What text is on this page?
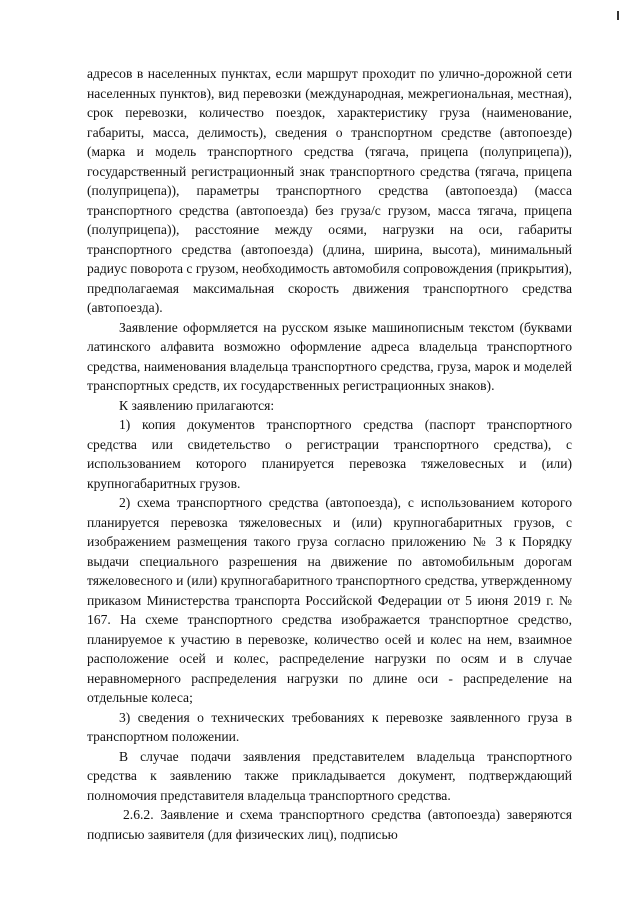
адресов в населенных пунктах, если маршрут проходит по улично-дорожной сети населенных пунктов), вид перевозки (международная, межрегиональная, местная), срок перевозки, количество поездок, характеристику груза (наименование, габариты, масса, делимость), сведения о транспортном средстве (автопоезде) (марка и модель транспортного средства (тягача, прицепа (полуприцепа)), государственный регистрационный знак транспортного средства (тягача, прицепа (полуприцепа)), параметры транспортного средства (автопоезда) (масса транспортного средства (автопоезда) без груза/с грузом, масса тягача, прицепа (полуприцепа)), расстояние между осями, нагрузки на оси, габариты транспортного средства (автопоезда) (длина, ширина, высота), минимальный радиус поворота с грузом, необходимость автомобиля сопровождения (прикрытия), предполагаемая максимальная скорость движения транспортного средства (автопоезда).

Заявление оформляется на русском языке машинописным текстом (буквами латинского алфавита возможно оформление адреса владельца транспортного средства, наименования владельца транспортного средства, груза, марок и моделей транспортных средств, их государственных регистрационных знаков).

К заявлению прилагаются:

1) копия документов транспортного средства (паспорт транспортного средства или свидетельство о регистрации транспортного средства), с использованием которого планируется перевозка тяжеловесных и (или) крупногабаритных грузов.

2) схема транспортного средства (автопоезда), с использованием которого планируется перевозка тяжеловесных и (или) крупногабаритных грузов, с изображением размещения такого груза согласно приложению № 3 к Порядку выдачи специального разрешения на движение по автомобильным дорогам тяжеловесного и (или) крупногабаритного транспортного средства, утвержденному приказом Министерства транспорта Российской Федерации от 5 июня 2019 г. № 167. На схеме транспортного средства изображается транспортное средство, планируемое к участию в перевозке, количество осей и колес на нем, взаимное расположение осей и колес, распределение нагрузки по осям и в случае неравномерного распределения нагрузки по длине оси - распределение на отдельные колеса;

3) сведения о технических требованиях к перевозке заявленного груза в транспортном положении.

В случае подачи заявления представителем владельца транспортного средства к заявлению также прикладывается документ, подтверждающий полномочия представителя владельца транспортного средства.

2.6.2. Заявление и схема транспортного средства (автопоезда) заверяются подписью заявителя (для физических лиц), подписью
